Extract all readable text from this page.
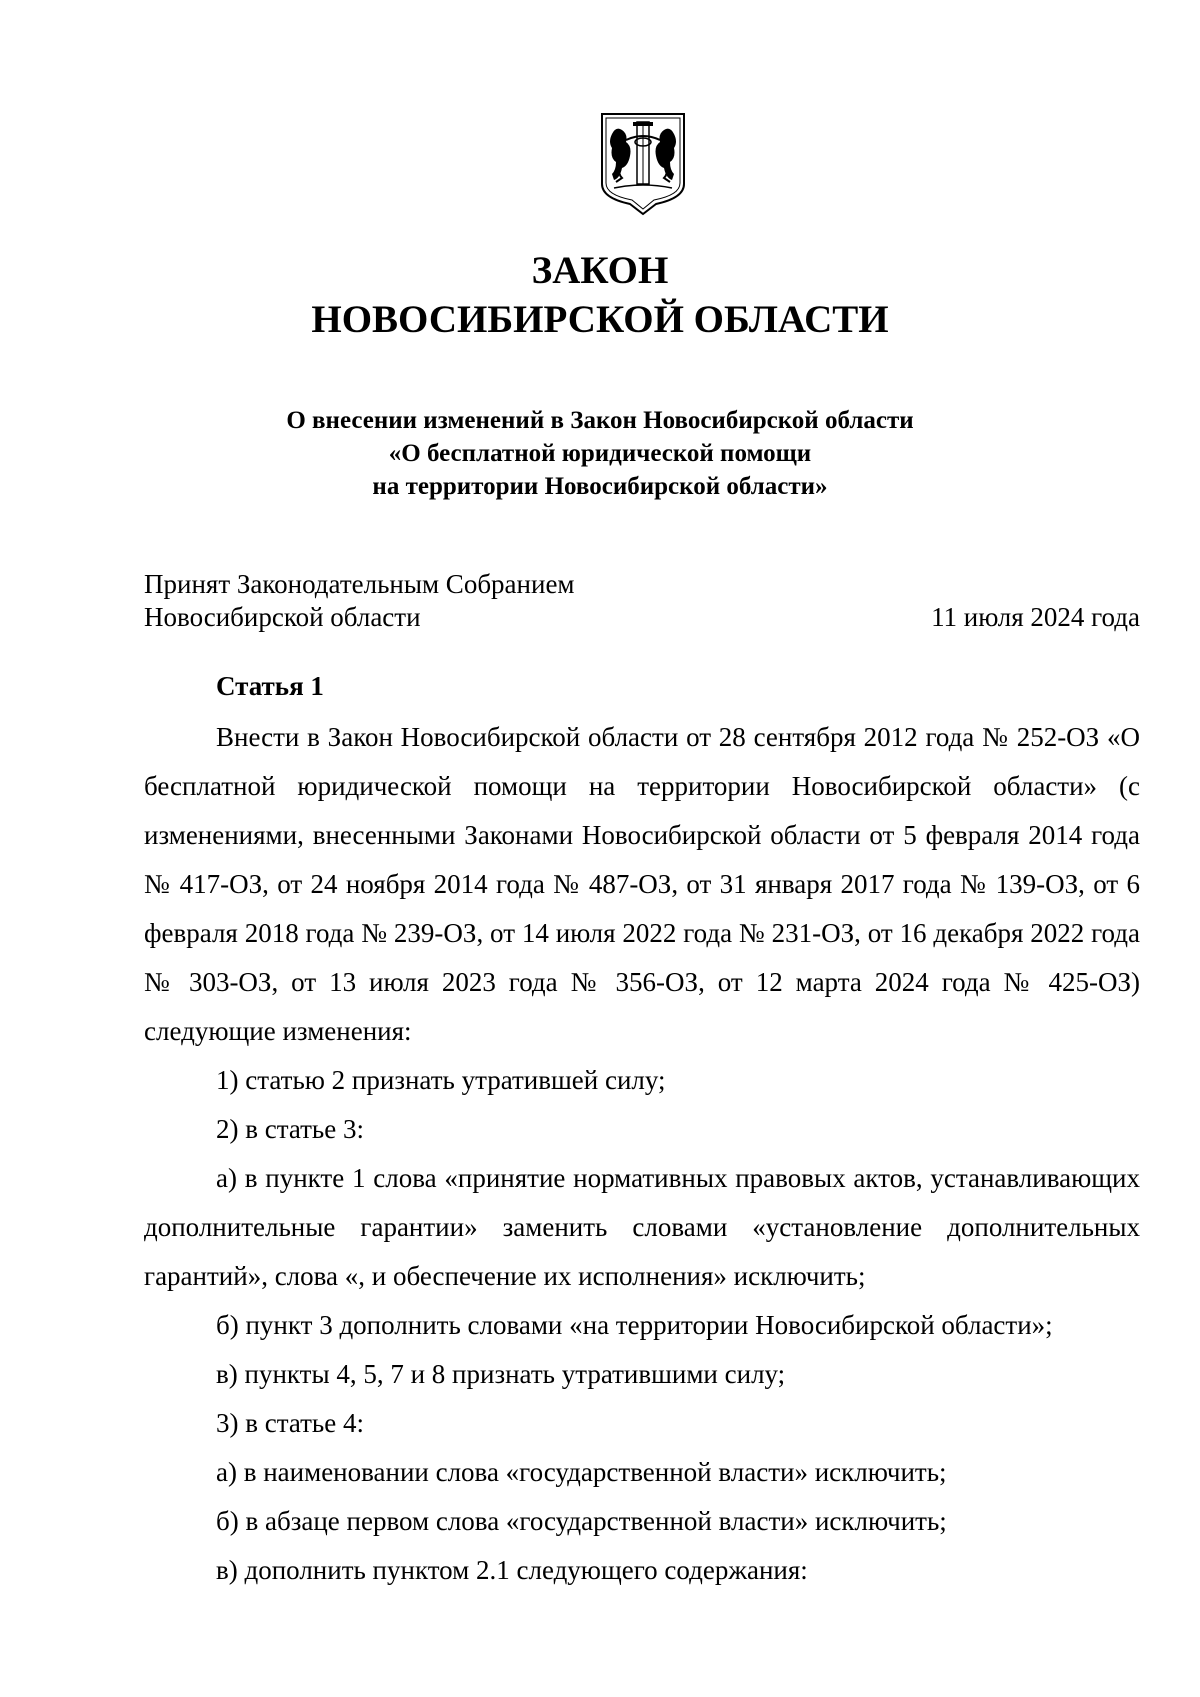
ЗАКОН
НОВОСИБИРСКОЙ ОБЛАСТИ
О внесении изменений в Закон Новосибирской области
«О бесплатной юридической помощи
на территории Новосибирской области»
Принят Законодательным Собранием
Новосибирской области	11 июля 2024 года
Статья 1

Внести в Закон Новосибирской области от 28 сентября 2012 года № 252-ОЗ «О бесплатной юридической помощи на территории Новосибирской области» (с изменениями, внесенными Законами Новосибирской области от 5 февраля 2014 года № 417-ОЗ, от 24 ноября 2014 года № 487-ОЗ, от 31 января 2017 года № 139-ОЗ, от 6 февраля 2018 года № 239-ОЗ, от 14 июля 2022 года № 231-ОЗ, от 16 декабря 2022 года № 303-ОЗ, от 13 июля 2023 года № 356-ОЗ, от 12 марта 2024 года № 425-ОЗ) следующие изменения:

1) статью 2 признать утратившей силу;

2) в статье 3:

а) в пункте 1 слова «принятие нормативных правовых актов, устанавливающих дополнительные гарантии» заменить словами «установление дополнительных гарантий», слова «, и обеспечение их исполнения» исключить;

б) пункт 3 дополнить словами «на территории Новосибирской области»;

в) пункты 4, 5, 7 и 8 признать утратившими силу;

3) в статье 4:

а) в наименовании слова «государственной власти» исключить;

б) в абзаце первом слова «государственной власти» исключить;

в) дополнить пунктом 2.1 следующего содержания:
